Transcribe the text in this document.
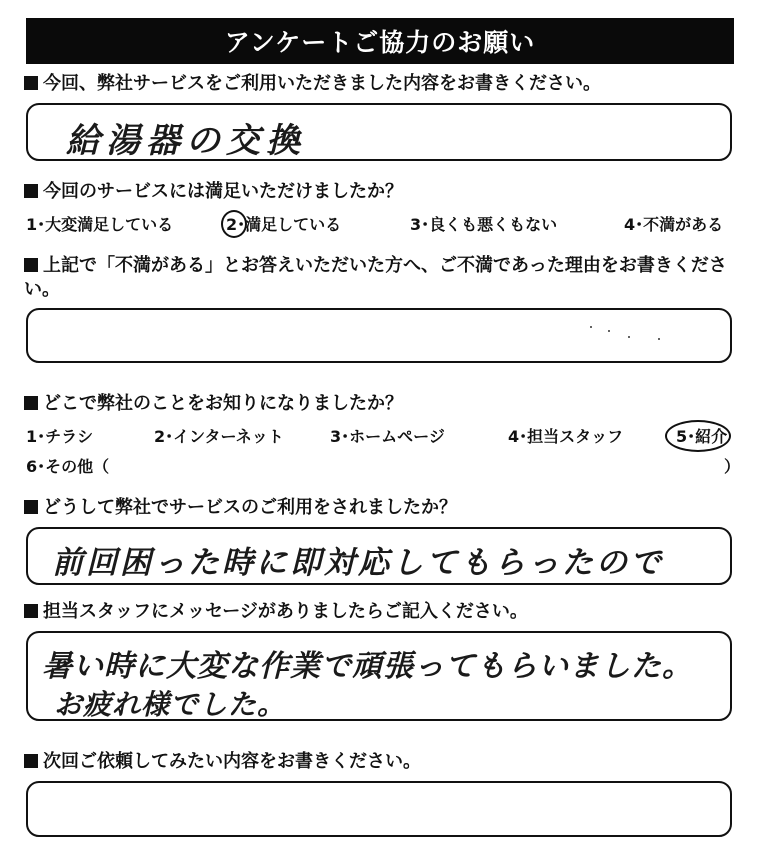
アンケートご協力のお願い
今回、弊社サービスをご利用いただきました内容をお書きください。
給湯器の交換
今回のサービスには満足いただけましたか？
1･大変満足している	2･満足している	3･良くも悪くもない	4･不満がある
上記で「不満がある」とお答えいただいた方へ、ご不満であった理由をお書きください。
どこで弊社のことをお知りになりましたか？
1･チラシ	2･インターネット	3･ホームページ	4･担当スタッフ	5･紹介
6･その他（	）
どうして弊社でサービスのご利用をされましたか？
前回困った時に即対応してもらったので
担当スタッフにメッセージがありましたらご記入ください。
暑い時に大変な作業で頑張ってもらいました。
お疲れ様でした。
次回ご依頼してみたい内容をお書きください。
